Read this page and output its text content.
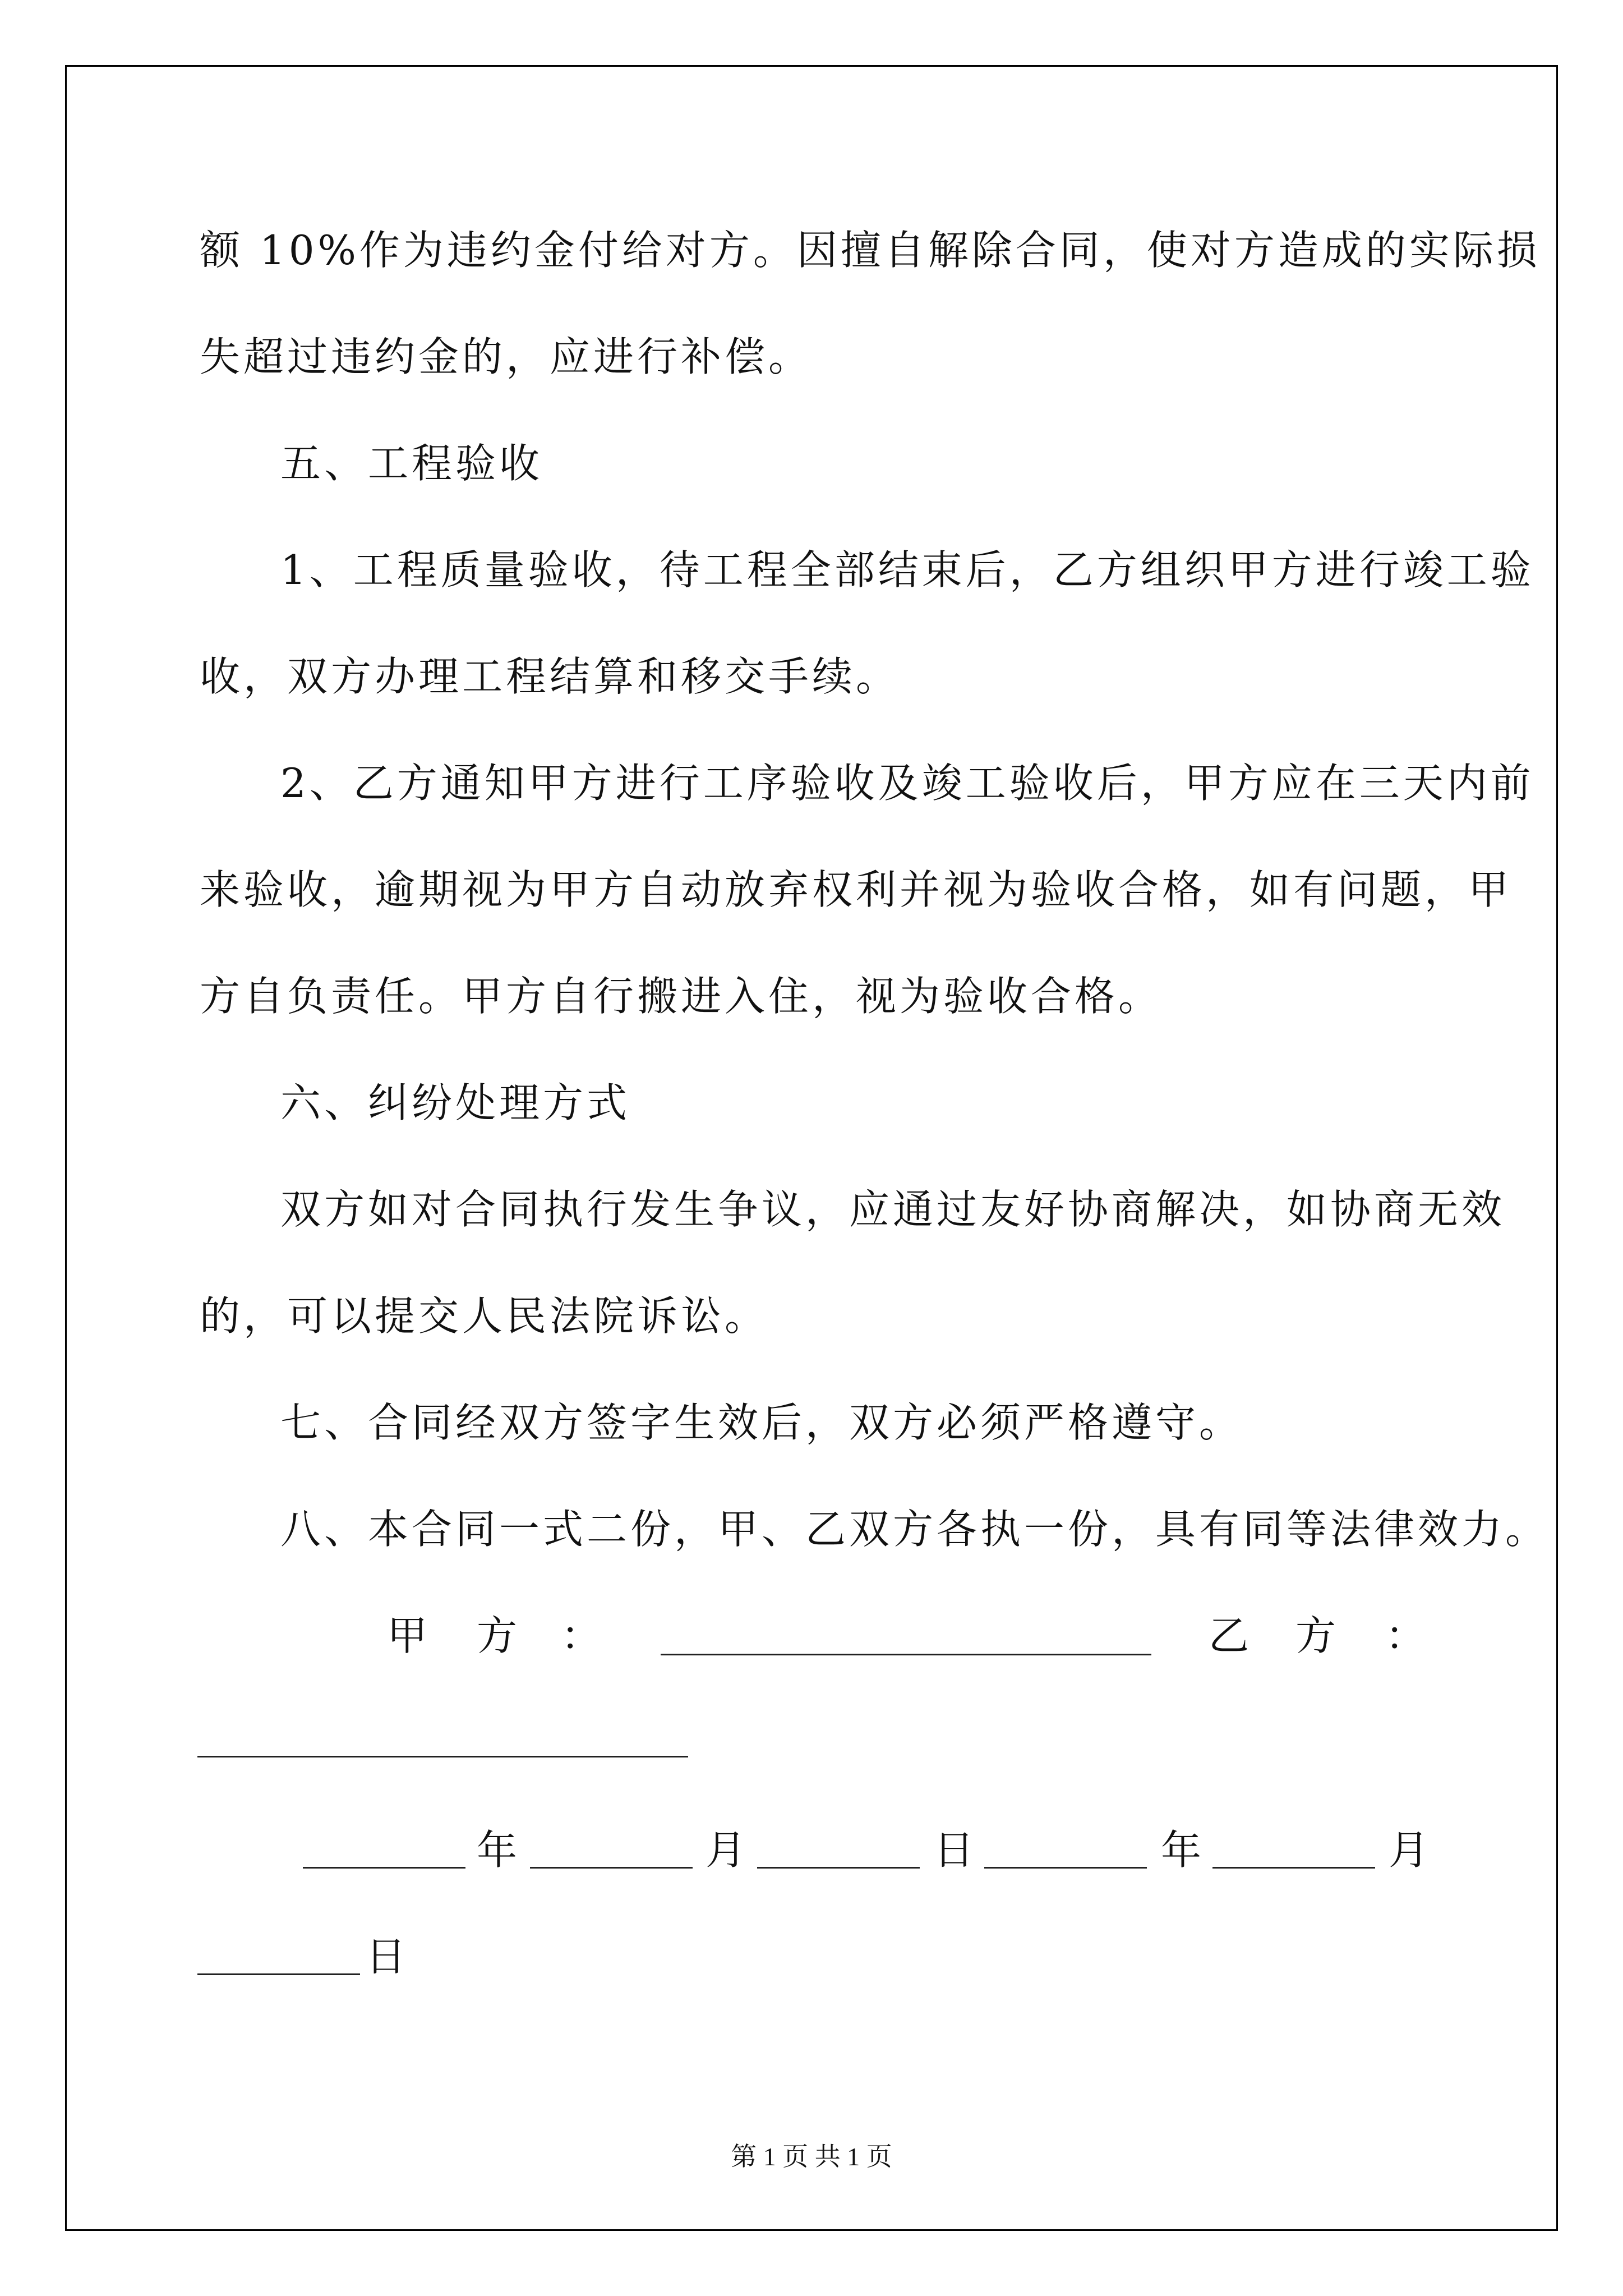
额 10%作为违约金付给对方。因擅自解除合同，使对方造成的实际损
失超过违约金的，应进行补偿。
五、工程验收
1、工程质量验收，待工程全部结束后，乙方组织甲方进行竣工验
收，双方办理工程结算和移交手续。
2、乙方通知甲方进行工序验收及竣工验收后，甲方应在三天内前
来验收，逾期视为甲方自动放弃权利并视为验收合格，如有问题，甲
方自负责任。甲方自行搬进入住，视为验收合格。
六、纠纷处理方式
双方如对合同执行发生争议，应通过友好协商解决，如协商无效
的，可以提交人民法院诉讼。
七、合同经双方签字生效后，双方必须严格遵守。
八、本合同一式二份，甲、乙双方各执一份，具有同等法律效力。
甲 方 ：	乙 方 ：
年	月	日	年	月
日
第 1 页 共 1 页
